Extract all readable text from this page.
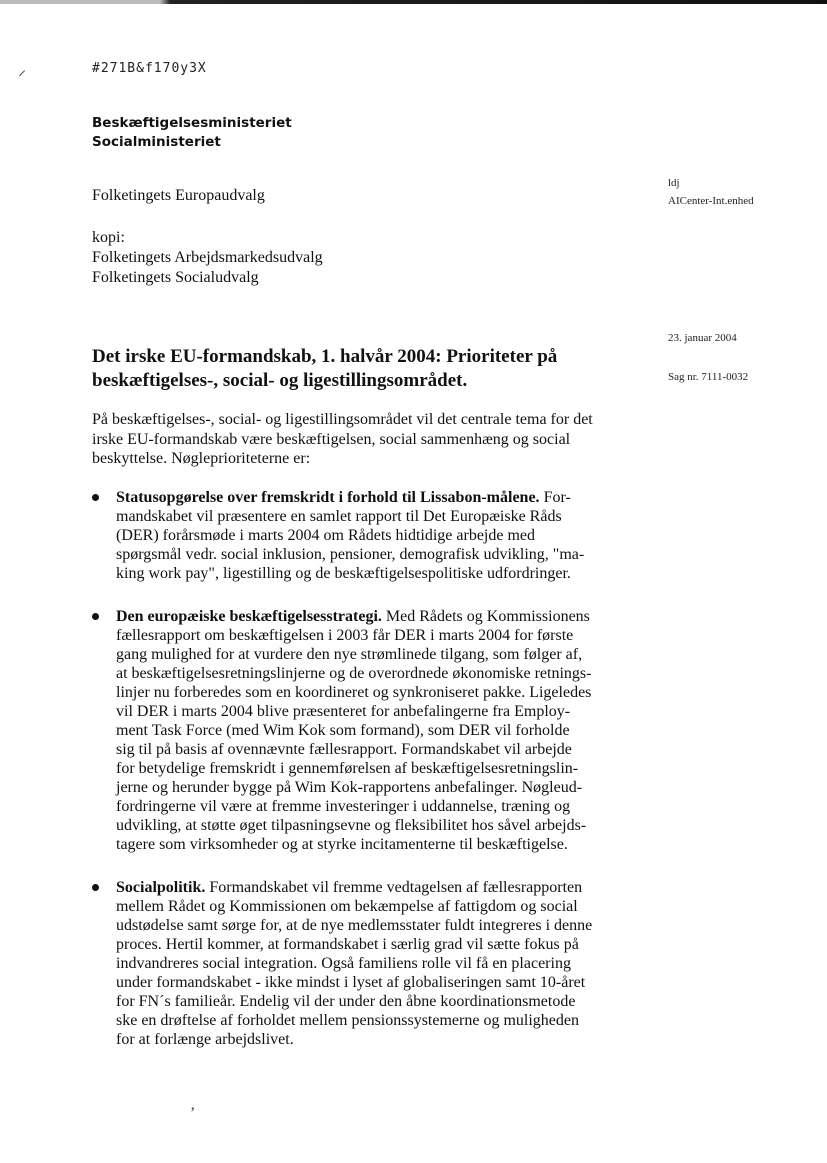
⸝	#271B&f170y3X
Beskæftigelsesministeriet
Socialministeriet
Folketingets Europaudvalg
kopi:
Folketingets Arbejdsmarkedsudvalg
Folketingets Socialudvalg
ldj
AICenter-Int.enhed
23. januar 2004
Sag nr. 7111-0032
Det irske EU-formandskab, 1. halvår 2004: Prioriteter på
beskæftigelses-, social- og ligestillingsområdet.
På beskæftigelses-, social- og ligestillingsområdet vil det centrale tema for det
irske EU-formandskab være beskæftigelsen, social sammenhæng og social
beskyttelse. Nøgleprioriteterne er:
Statusopgørelse over fremskridt i forhold til Lissabon-målene. For-
mandskabet vil præsentere en samlet rapport til Det Europæiske Råds
(DER) forårsmøde i marts 2004 om Rådets hidtidige arbejde med
spørgsmål vedr. social inklusion, pensioner, demografisk udvikling, "ma-
king work pay", ligestilling og de beskæftigelsespolitiske udfordringer.
Den europæiske beskæftigelsesstrategi. Med Rådets og Kommissionens
fællesrapport om beskæftigelsen i 2003 får DER i marts 2004 for første
gang mulighed for at vurdere den nye strømlinede tilgang, som følger af,
at beskæftigelsesretningslinjerne og de overordnede økonomiske retnings-
linjer nu forberedes som en koordineret og synkroniseret pakke. Ligeledes
vil DER i marts 2004 blive præsenteret for anbefalingerne fra Employ-
ment Task Force (med Wim Kok som formand), som DER vil forholde
sig til på basis af ovennævnte fællesrapport. Formandskabet vil arbejde
for betydelige fremskridt i gennemførelsen af beskæftigelsesretningslin-
jerne og herunder bygge på Wim Kok-rapportens anbefalinger. Nøgleud-
fordringerne vil være at fremme investeringer i uddannelse, træning og
udvikling, at støtte øget tilpasningsevne og fleksibilitet hos såvel arbejds-
tagere som virksomheder og at styrke incitamenterne til beskæftigelse.
Socialpolitik. Formandskabet vil fremme vedtagelsen af fællesrapporten
mellem Rådet og Kommissionen om bekæmpelse af fattigdom og social
udstødelse samt sørge for, at de nye medlemsstater fuldt integreres i denne
proces. Hertil kommer, at formandskabet i særlig grad vil sætte fokus på
indvandreres social integration. Også familiens rolle vil få en placering
under formandskabet - ikke mindst i lyset af globaliseringen samt 10-året
for FN´s familieår. Endelig vil der under den åbne koordinationsmetode
ske en drøftelse af forholdet mellem pensionssystemerne og muligheden
for at forlænge arbejdslivet.
ʼ
